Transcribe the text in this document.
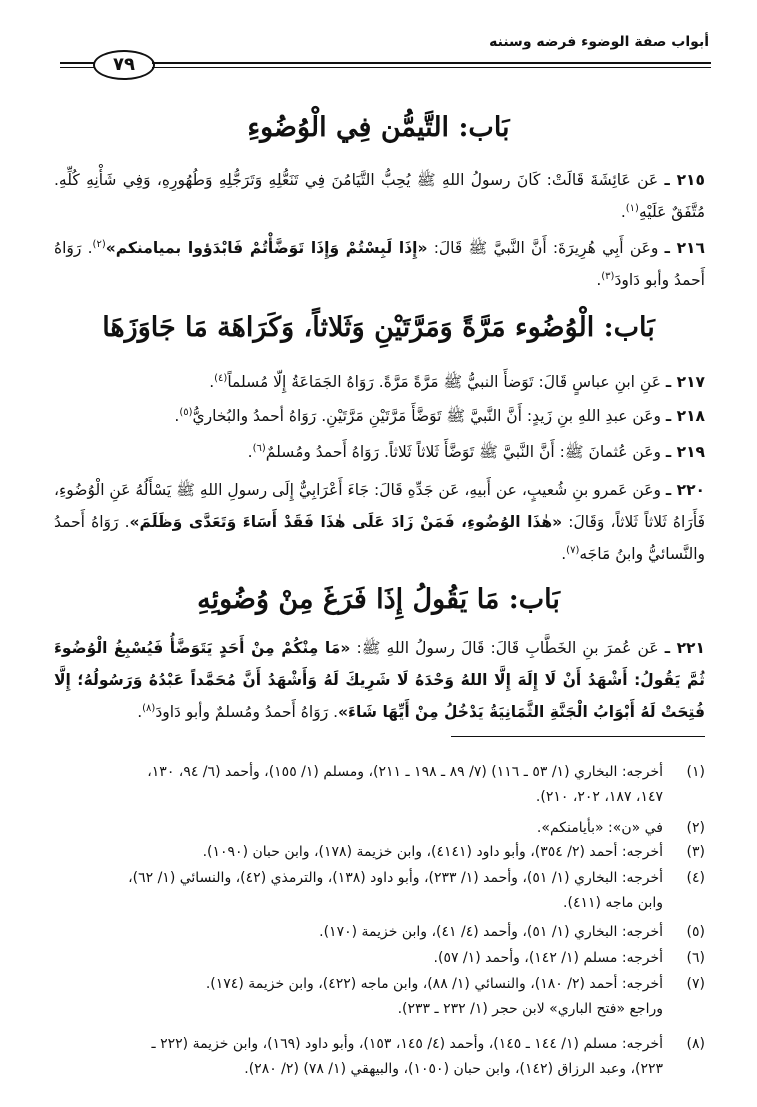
أبواب صفة الوضوء فرضه وسننه
٧٩
بَاب: التَّيمُّن فِي الْوُضُوءِ
٢١٥ ـ عَن عَائِشَةَ قَالَتْ: كَانَ رسولُ اللهِ ﷺ يُحِبُّ التَّيَامُنَ فِي تَنَعُّلِهِ وَتَرَجُّلِهِ وَطُهُورِهِ، وَفِي شَأْنِهِ كُلِّهِ. مُتَّفَقٌ عَلَيْهِ$^{(١)}$.
٢١٦ ـ وعَن أَبِي هُرِيرَةَ: أَنَّ النَّبيَّ ﷺ قَالَ: «إِذَا لَبِسْتُمْ وَإِذَا تَوَضَّأْتُمْ فَابْدَؤوا بميامنكم»$^{(٢)}$. رَوَاهُ أَحمدُ وأبو دَاودَ$^{(٣)}$.
بَاب: الْوُضُوء مَرَّةً وَمَرَّتَيْنِ وَثَلاثاً، وَكَرَاهَة مَا جَاوَزَهَا
٢١٧ ـ عَنِ ابنِ عباسٍ قَالَ: تَوَضأَ النبيُّ ﷺ مَرَّةً مَرَّةً. رَوَاهُ الجَمَاعَةُ إِلّا مُسلماً$^{(٤)}$.
٢١٨ ـ وعَن عبدِ اللهِ بنِ زَيدٍ: أَنَّ النَّبيَّ ﷺ تَوَضَّأَ مَرَّتَيْنِ مَرَّتَيْنِ. رَوَاهُ أحمدُ والبُخاريُّ$^{(٥)}$.
٢١٩ ـ وعَن عُثمانَ ﷺ: أَنَّ النَّبيَّ ﷺ تَوَضَّأَ ثَلاثاً ثَلاثاً. رَوَاهُ أَحمدُ ومُسلمٌ$^{(٦)}$.
٢٢٠ ـ وعَن عَمرو بنِ شُعيبٍ، عن أَبيهِ، عَن جَدِّهِ قَالَ: جَاءَ أَعْرَابِيٌّ إِلَى رسولِ اللهِ ﷺ يَسْأَلُهُ عَنِ الْوُضُوءِ، فَأَرَاهُ ثَلاثاً ثَلاثاً، وَقَالَ: «هٰذَا الوُضُوءِ، فَمَنْ زَادَ عَلَى هٰذَا فَقَدْ أَسَاءَ وَتَعَدَّى وَظَلَمَ». رَوَاهُ أَحمدُ والنَّسائيُّ وابنُ مَاجَه$^{(٧)}$.
بَاب: مَا يَقُولُ إِذَا فَرَغَ مِنْ وُضُوئِهِ
٢٢١ ـ عَن عُمرَ بنِ الخَطَّابِ قَالَ: قَالَ رسولُ اللهِ ﷺ: «مَا مِنْكُمْ مِنْ أَحَدٍ يَتَوَضَّأُ فَيُسْبِغُ الْوُضُوءَ ثُمَّ يَقُولُ: أَشْهَدُ أَنْ لَا إِلَهَ إِلَّا اللهُ وَحْدَهُ لَا شَرِيكَ لَهُ وَأَشْهَدُ أَنَّ مُحَمَّداً عَبْدُهُ وَرَسُولُهُ؛ إِلَّا فُتِحَتْ لَهُ أَبْوَابُ الْجَنَّةِ الثَّمَانِيَةُ يَدْخُلُ مِنْ أَيِّهَا شَاءَ». رَوَاهُ أَحمدُ ومُسلمٌ وأبو دَاودَ$^{(٨)}$.
(١)
أخرجه: البخاري (١/ ٥٣ ـ ١١٦) (٧/ ٨٩ ـ ١٩٨ ـ ٢١١)، ومسلم (١/ ١٥٥)، وأحمد (٦/ ٩٤، ١٣٠،
١٤٧، ١٨٧، ٢٠٢، ٢١٠).
(٢)
في «ن»: «بأيامنكم».
(٣)
أخرجه: أحمد (٢/ ٣٥٤)، وأبو داود (٤١٤١)، وابن خزيمة (١٧٨)، وابن حبان (١٠٩٠).
(٤)
أخرجه: البخاري (١/ ٥١)، وأحمد (١/ ٢٣٣)، وأبو داود (١٣٨)، والترمذي (٤٢)، والنسائي (١/ ٦٢)،
وابن ماجه (٤١١).
(٥)
أخرجه: البخاري (١/ ٥١)، وأحمد (٤/ ٤١)، وابن خزيمة (١٧٠).
(٦)
أخرجه: مسلم (١/ ١٤٢)، وأحمد (١/ ٥٧).
(٧)
أخرجه: أحمد (٢/ ١٨٠)، والنسائي (١/ ٨٨)، وابن ماجه (٤٢٢)، وابن خزيمة (١٧٤).
وراجع «فتح الباري» لابن حجر (١/ ٢٣٢ ـ ٢٣٣).
(٨)
أخرجه: مسلم (١/ ١٤٤ ـ ١٤٥)، وأحمد (٤/ ١٤٥، ١٥٣)، وأبو داود (١٦٩)، وابن خزيمة (٢٢٢ ـ
٢٢٣)، وعبد الرزاق (١٤٢)، وابن حبان (١٠٥٠)، والبيهقي (١/ ٧٨) (٢/ ٢٨٠).
